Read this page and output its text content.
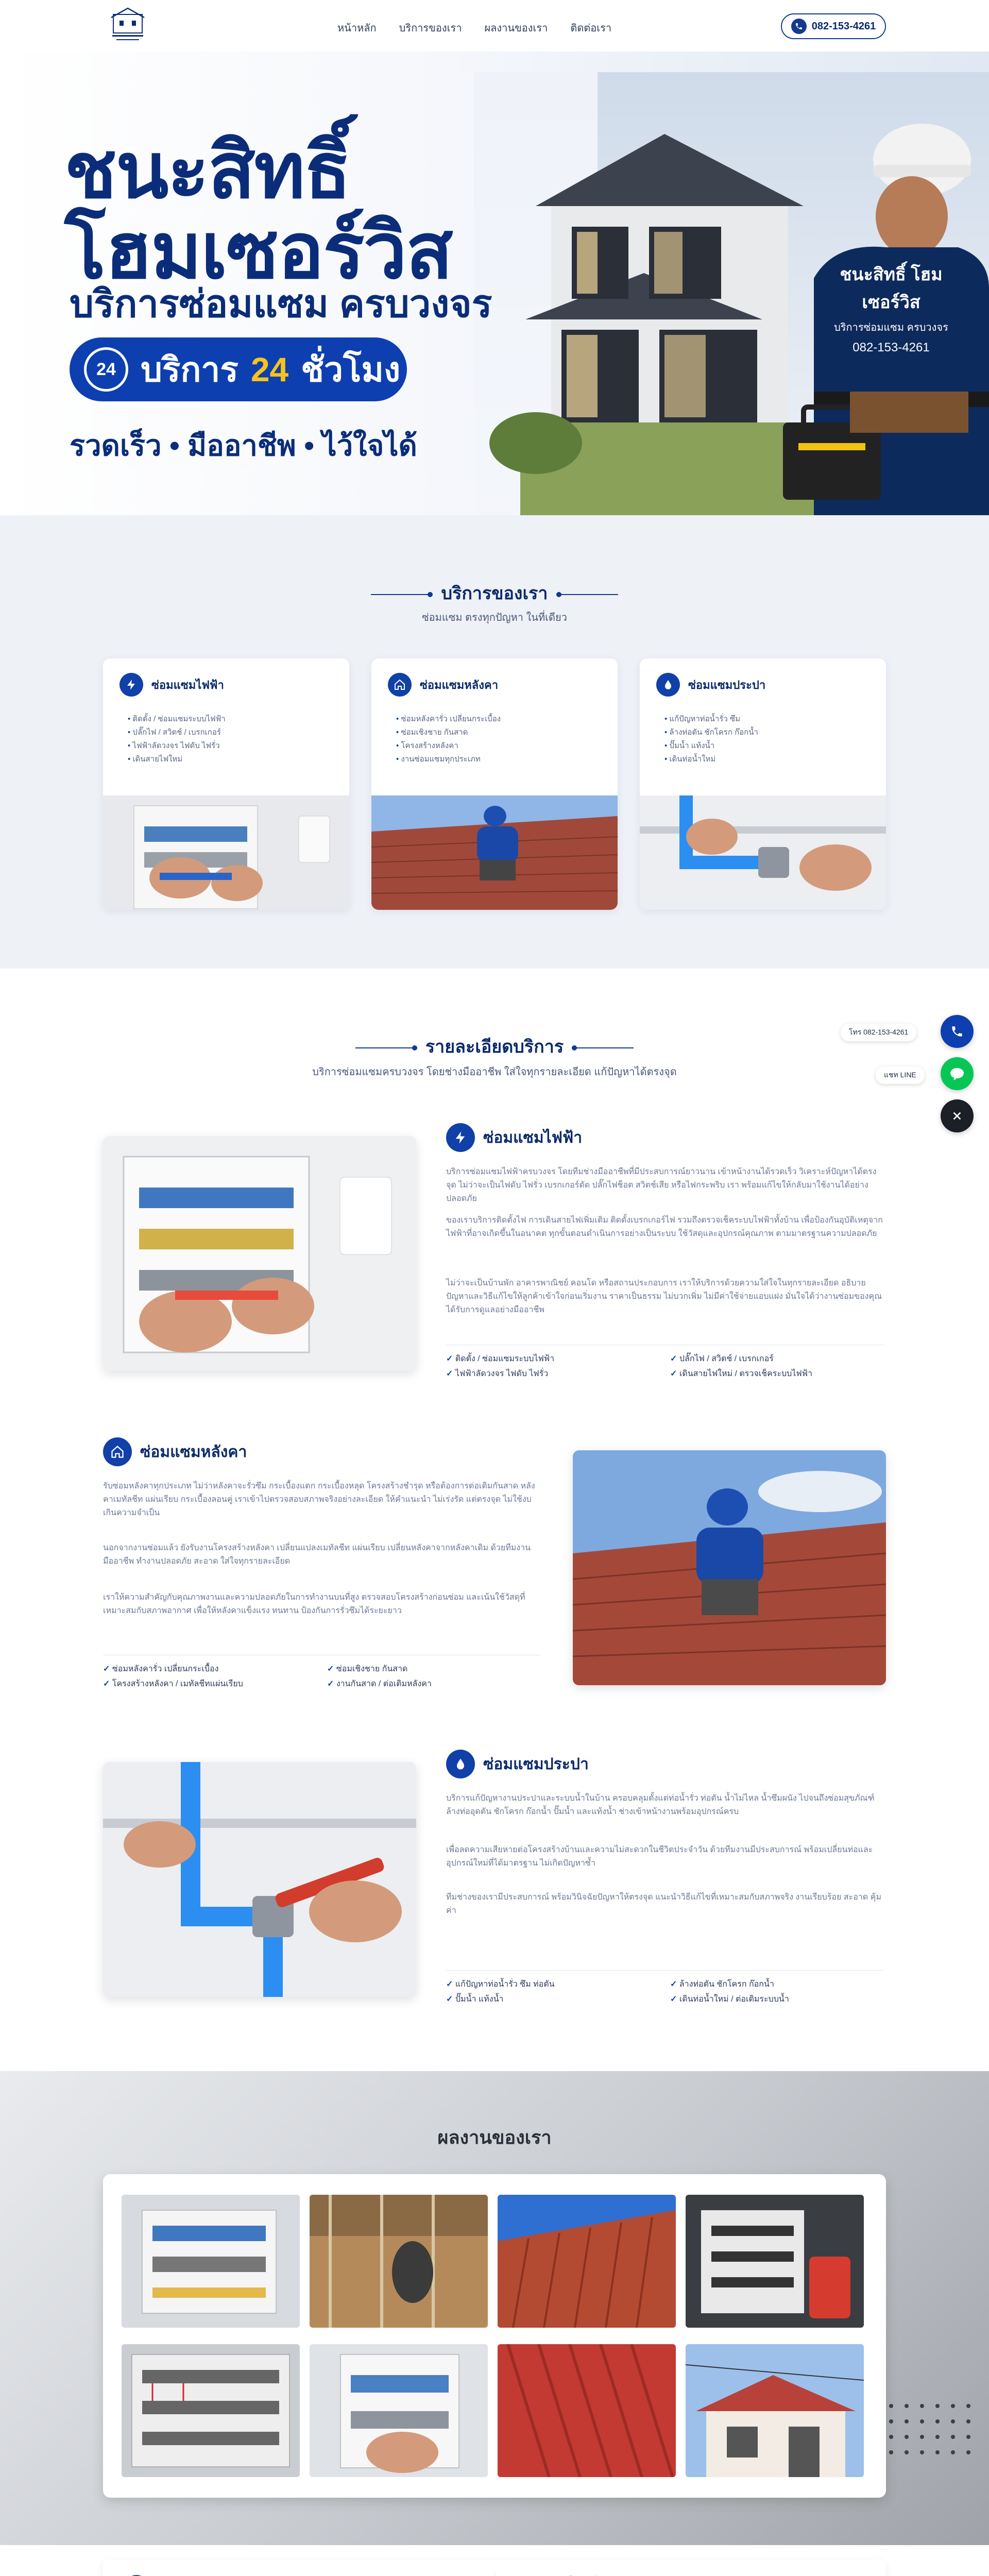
หน้าหลัก บริการของเรา ผลงานของเรา ติดต่อเรา	082-153-4261
ชนะสิทธิ์ โฮมเซอร์วิส
บริการซ่อมแซม ครบวงจร
082-153-4261
ชนะสิทธิ์
โฮมเซอร์วิส
บริการซ่อมแซม ครบวงจร
24 บริการ 24 ชั่วโมง
รวดเร็ว • มืออาชีพ • ไว้ใจได้
บริการของเรา
ซ่อมแซม ตรงทุกปัญหา ในที่เดียว
ซ่อมแซมไฟฟ้า
• ติดตั้ง / ซ่อมแซมระบบไฟฟ้า
• ปลั๊กไฟ / สวิตช์ / เบรกเกอร์
• ไฟฟ้าลัดวงจร ไฟดับ ไฟรั่ว
• เดินสายไฟใหม่
ซ่อมแซมหลังคา
• ซ่อมหลังคารั่ว เปลี่ยนกระเบื้อง
• ซ่อมเชิงชาย กันสาด
• โครงสร้างหลังคา
• งานซ่อมแซมทุกประเภท
ซ่อมแซมประปา
• แก้ปัญหาท่อน้ำรั่ว ซึม
• ล้างท่อตัน ชักโครก ก๊อกน้ำ
• ปั๊มน้ำ แท้งน้ำ
• เดินท่อน้ำใหม่
รายละเอียดบริการ
บริการซ่อมแซมครบวงจร โดยช่างมืออาชีพ ใส่ใจทุกรายละเอียด แก้ปัญหาได้ตรงจุด
ซ่อมแซมไฟฟ้า
บริการซ่อมแซมไฟฟ้าครบวงจร โดยทีมช่างมืออาชีพที่มีประสบการณ์ยาวนาน เข้าหน้างานได้รวดเร็ว วิเคราะห์ปัญหาได้ตรงจุด ไม่ว่าจะเป็นไฟดับ ไฟรั่ว เบรกเกอร์ตัด ปลั๊กไฟช็อต สวิตช์เสีย หรือไฟกระพริบ เรา พร้อมแก้ไขให้กลับมาใช้งานได้อย่างปลอดภัย
ของเราบริการติดตั้งไฟ การเดินสายไฟเพิ่มเติม ติดตั้งเบรกเกอร์ไฟ รวมถึงตรวจเช็คระบบไฟฟ้าทั้งบ้าน เพื่อป้องกันอุบัติเหตุจากไฟฟ้าที่อาจเกิดขึ้นในอนาคต ทุกขั้นตอนดำเนินการอย่างเป็นระบบ ใช้วัสดุและอุปกรณ์คุณภาพ ตามมาตรฐานความปลอดภัย
ไม่ว่าจะเป็นบ้านพัก อาคารพาณิชย์ คอนโด หรือสถานประกอบการ เราให้บริการด้วยความใส่ใจในทุกรายละเอียด อธิบายปัญหาและวิธีแก้ไขให้ลูกค้าเข้าใจก่อนเริ่มงาน ราคาเป็นธรรม ไม่บวกเพิ่ม ไม่มีค่าใช้จ่ายแอบแฝง มั่นใจได้ว่างานซ่อมของคุณได้รับการดูแลอย่างมืออาชีพ
✓ ติดตั้ง / ซ่อมแซมระบบไฟฟ้า	✓ ปลั๊กไฟ / สวิตช์ / เบรกเกอร์
✓ ไฟฟ้าลัดวงจร ไฟดับ ไฟรั่ว	✓ เดินสายไฟใหม่ / ตรวจเช็คระบบไฟฟ้า
ซ่อมแซมหลังคา
รับซ่อมหลังคาทุกประเภท ไม่ว่าหลังคาจะรั่วซึม กระเบื้องแตก กระเบื้องหลุด โครงสร้างชำรุด หรือต้องการต่อเติมกันสาด หลังคาเมทัลชีท แผ่นเรียบ กระเบื้องลอนคู่ เราเข้าไปตรวจสอบสภาพจริงอย่างละเอียด ให้คำแนะนำ ไม่เร่งรัด แต่ตรงจุด ไม่ใช้งบเกินความจำเป็น
นอกจากงานซ่อมแล้ว ยังรับงานโครงสร้างหลังคา เปลี่ยนแปลงเมทัลชีท แผ่นเรียบ เปลี่ยนหลังคาจากหลังคาเดิม ด้วยทีมงานมืออาชีพ ทำงานปลอดภัย สะอาด ใส่ใจทุกรายละเอียด
เราให้ความสำคัญกับคุณภาพงานและความปลอดภัยในการทำงานบนที่สูง ตรวจสอบโครงสร้างก่อนซ่อม และเน้นใช้วัสดุที่เหมาะสมกับสภาพอากาศ เพื่อให้หลังคาแข็งแรง ทนทาน ป้องกันการรั่วซึมได้ระยะยาว
✓ ซ่อมหลังคารั่ว เปลี่ยนกระเบื้อง	✓ ซ่อมเชิงชาย กันสาด
✓ โครงสร้างหลังคา / เมทัลชีทแผ่นเรียบ	✓ งานกันสาด / ต่อเติมหลังคา
ซ่อมแซมประปา
บริการแก้ปัญหางานประปาและระบบน้ำในบ้าน ครอบคลุมตั้งแต่ท่อน้ำรั่ว ท่อตัน น้ำไม่ไหล น้ำซึมผนัง ไปจนถึงซ่อมสุขภัณฑ์ ล้างท่ออุดตัน ชักโครก ก๊อกน้ำ ปั๊มน้ำ และแท้งน้ำ ช่างเข้าหน้างานพร้อมอุปกรณ์ครบ
เพื่อลดความเสียหายต่อโครงสร้างบ้านและความไม่สะดวกในชีวิตประจำวัน ด้วยทีมงานมีประสบการณ์ พร้อมเปลี่ยนท่อและอุปกรณ์ใหม่ที่ได้มาตรฐาน ไม่เกิดปัญหาซ้ำ
ทีมช่างของเรามีประสบการณ์ พร้อมวินิจฉัยปัญหาให้ตรงจุด แนะนำวิธีแก้ไขที่เหมาะสมกับสภาพจริง งานเรียบร้อย สะอาด คุ้มค่า
✓ แก้ปัญหาท่อน้ำรั่ว ซึม ท่อตัน	✓ ล้างท่อตัน ชักโครก ก๊อกน้ำ
✓ ปั๊มน้ำ แท้งน้ำ	✓ เดินท่อน้ำใหม่ / ต่อเติมระบบน้ำ
ผลงานของเรา
โทร 082-153-4261
แชท LINE
